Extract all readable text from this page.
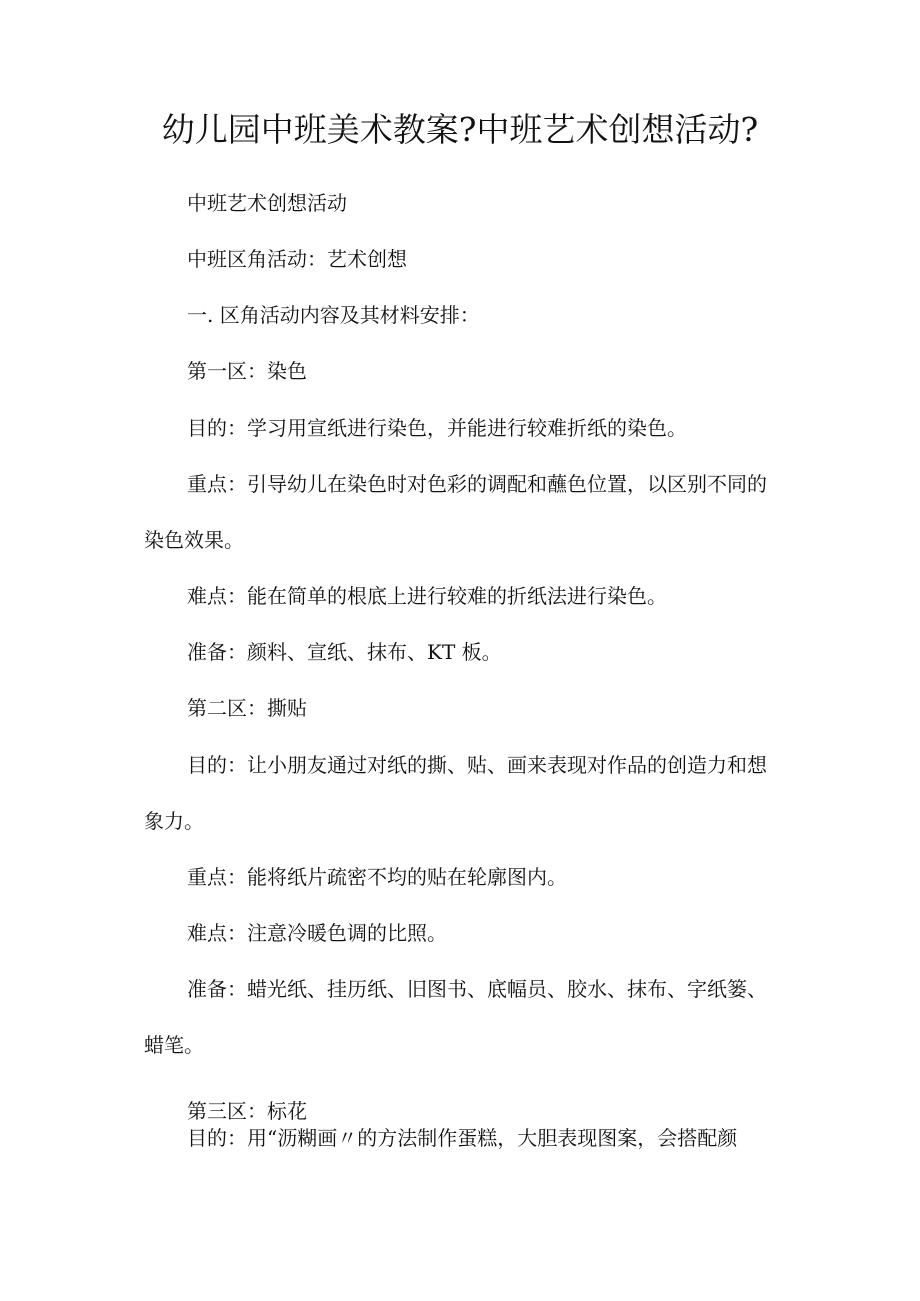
幼儿园中班美术教案?中班艺术创想活动?
中班艺术创想活动
中班区角活动：艺术创想
一. 区角活动内容及其材料安排：
第一区：染色
目的：学习用宣纸进行染色，并能进行较难折纸的染色。
重点：引导幼儿在染色时对色彩的调配和蘸色位置，以区别不同的
染色效果。
难点：能在简单的根底上进行较难的折纸法进行染色。
准备：颜料、宣纸、抹布、KT 板。
第二区：撕贴
目的：让小朋友通过对纸的撕、贴、画来表现对作品的创造力和想
象力。
重点：能将纸片疏密不均的贴在轮廓图内。
难点：注意冷暖色调的比照。
准备：蜡光纸、挂历纸、旧图书、底幅员、胶水、抹布、字纸篓、
蜡笔。
第三区：标花
目的：用“沥糊画〃的方法制作蛋糕，大胆表现图案，会搭配颜
